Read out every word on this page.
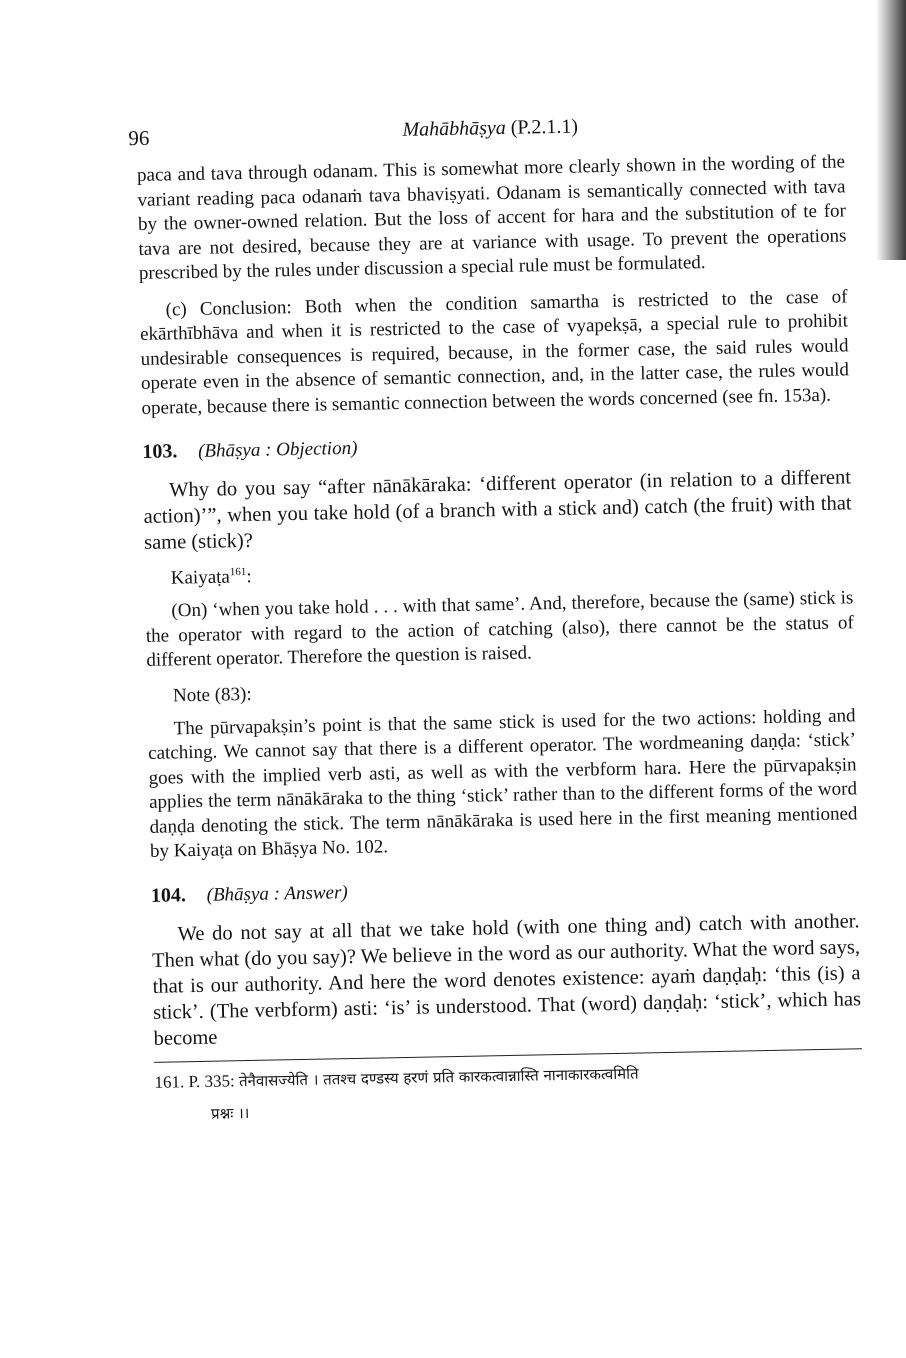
96	Mahābhāṣya (P.2.1.1)

paca and tava through odanam. This is somewhat more clearly shown in the wording of the variant reading paca odanaṁ tava bhaviṣyati. Odanam is semantically connected with tava by the owner-owned relation. But the loss of accent for hara and the substitution of te for tava are not desired, because they are at variance with usage. To prevent the operations prescribed by the rules under discussion a special rule must be formulated.

(c) Conclusion: Both when the condition samartha is restricted to the case of ekārthībhāva and when it is restricted to the case of vyapekṣā, a special rule to prohibit undesirable consequences is required, because, in the former case, the said rules would operate even in the absence of semantic connection, and, in the latter case, the rules would operate, because there is semantic connection between the words concerned (see fn. 153a).

103. (Bhāṣya : Objection)

Why do you say “after nānākāraka: ‘different operator (in relation to a different action)’”, when you take hold (of a branch with a stick and) catch (the fruit) with that same (stick)?

Kaiyaṭa$^{161}$:

(On) ‘when you take hold . . . with that same’. And, therefore, because the (same) stick is the operator with regard to the action of catching (also), there cannot be the status of different operator. Therefore the question is raised.

Note (83):

The pūrvapakṣin’s point is that the same stick is used for the two actions: holding and catching. We cannot say that there is a different operator. The wordmeaning daṇḍa: ‘stick’ goes with the implied verb asti, as well as with the verbform hara. Here the pūrvapakṣin applies the term nānākāraka to the thing ‘stick’ rather than to the different forms of the word daṇḍa denoting the stick. The term nānākāraka is used here in the first meaning mentioned by Kaiyaṭa on Bhāṣya No. 102.

104. (Bhāṣya : Answer)

We do not say at all that we take hold (with one thing and) catch with another. Then what (do you say)? We believe in the word as our authority. What the word says, that is our authority. And here the word denotes existence: ayaṁ daṇḍaḥ: ‘this (is) a stick’. (The verbform) asti: ‘is’ is understood. That (word) daṇḍaḥ: ‘stick’, which has become

161. P. 335: तेनैवासज्येति । ततश्च दण्डस्य हरणं प्रति कारकत्वान्नास्ति नानाकारकत्वमिति
प्रश्नः ।।
